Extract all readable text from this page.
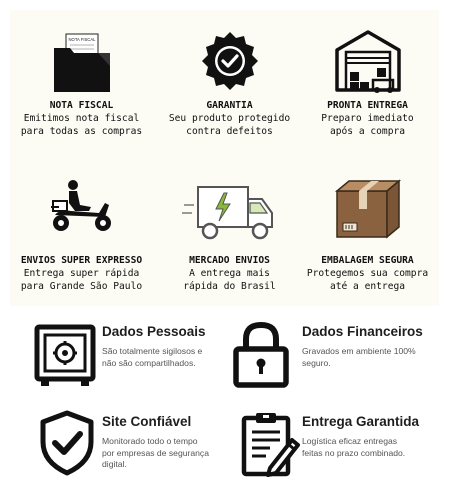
NOTA FISCAL
NOTA FISCAL
Emitimos nota fiscal
para todas as compras
GARANTIA
Seu produto protegido
contra defeitos
PRONTA ENTREGA
Preparo imediato
após a compra
ENVIOS SUPER EXPRESSO
Entrega super rápida
para Grande São Paulo
MERCADO ENVIOS
A entrega mais
rápida do Brasil
EMBALAGEM SEGURA
Protegemos sua compra
até a entrega
Dados Pessoais
São totalmente sigilosos e
não são compartilhados.
Dados Financeiros
Gravados em ambiente 100%
seguro.
Site Confiável
Monitorado todo o tempo
por empresas de segurança
digital.
Entrega Garantida
Logística eficaz entregas
feitas no prazo combinado.
